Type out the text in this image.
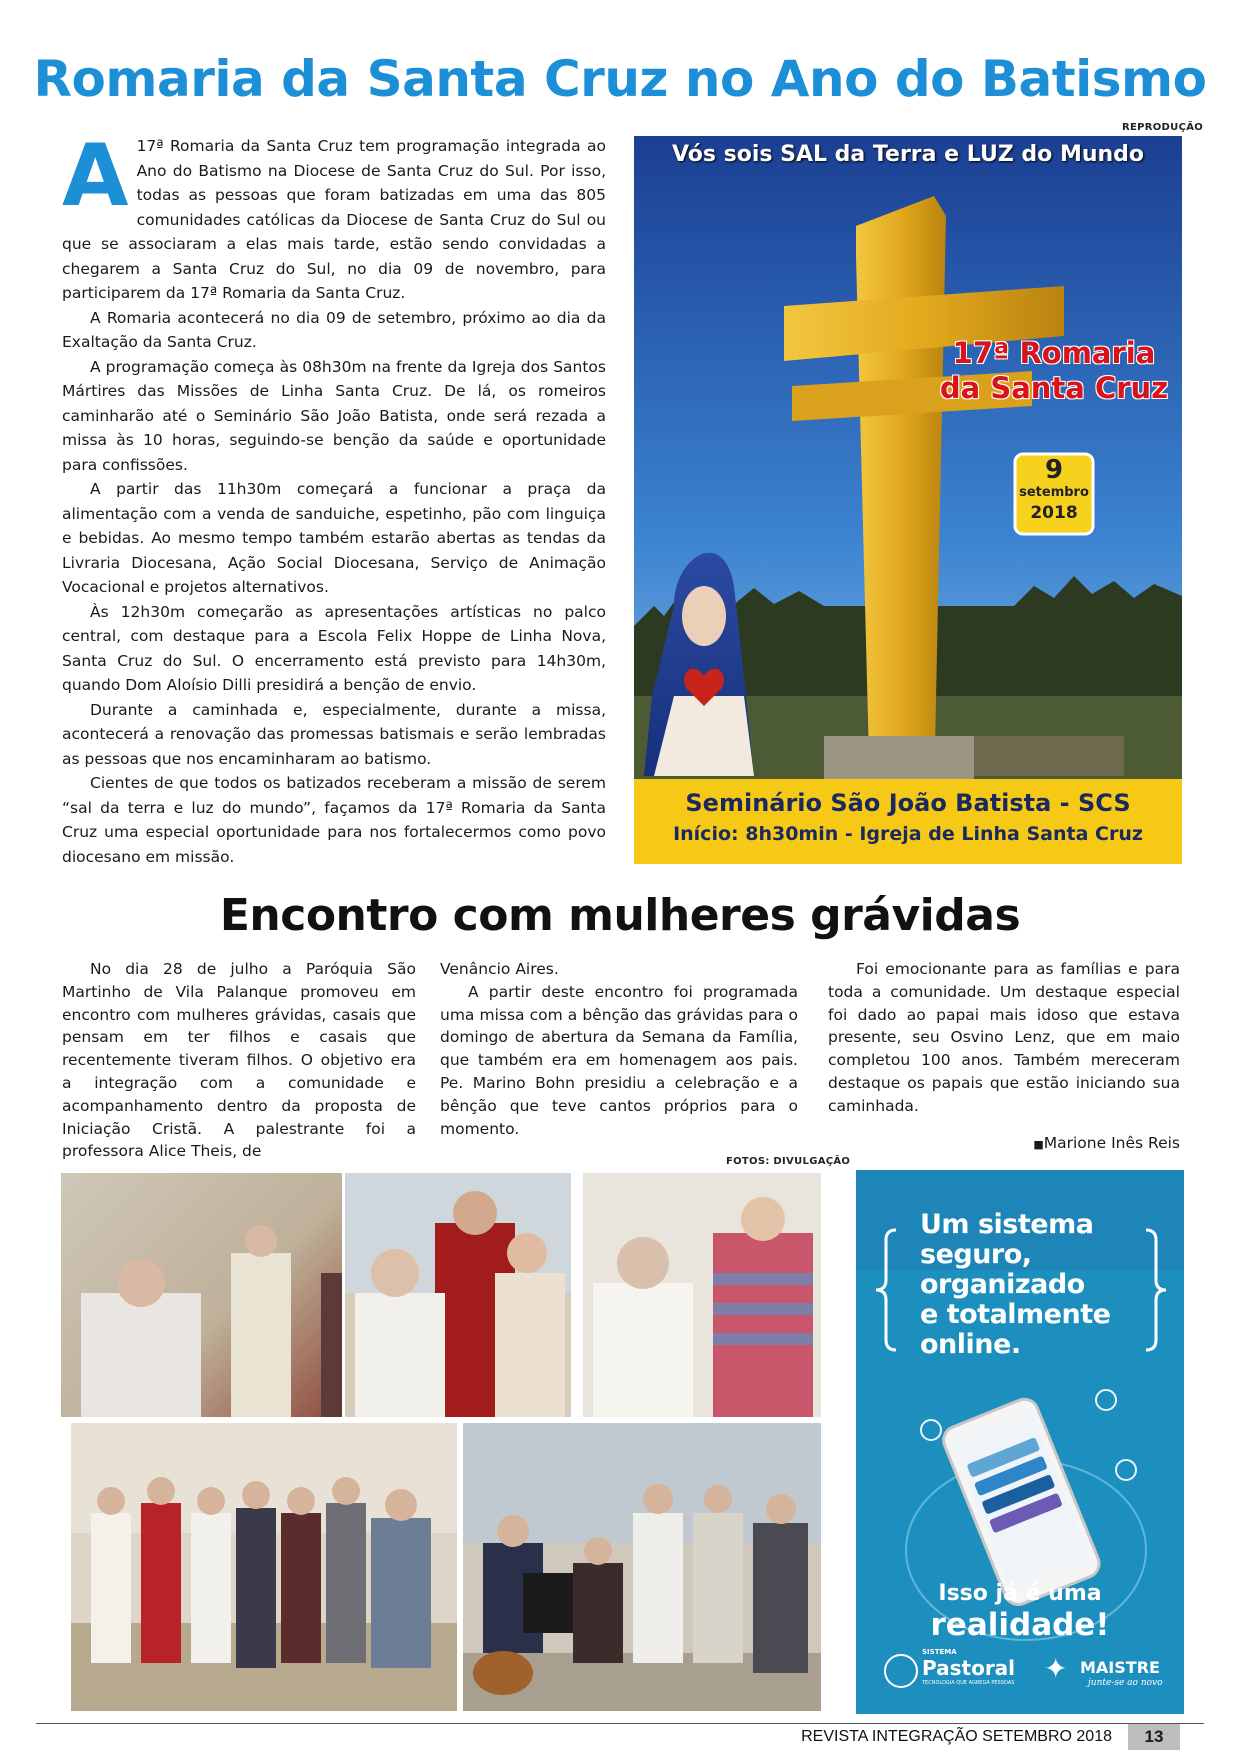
Romaria da Santa Cruz no Ano do Batismo
REPRODUÇÃO

A 17ª Romaria da Santa Cruz tem programação integrada ao Ano do Batismo na Diocese de Santa Cruz do Sul. Por isso, todas as pessoas que foram batizadas em uma das 805 comunidades católicas da Diocese de Santa Cruz do Sul ou que se associaram a elas mais tarde, estão sendo convidadas a chegarem a Santa Cruz do Sul, no dia 09 de novembro, para participarem da 17ª Romaria da Santa Cruz.

A Romaria acontecerá no dia 09 de setembro, próximo ao dia da Exaltação da Santa Cruz.

A programação começa às 08h30m na frente da Igreja dos Santos Mártires das Missões de Linha Santa Cruz. De lá, os romeiros caminharão até o Seminário São João Batista, onde será rezada a missa às 10 horas, seguindo-se benção da saúde e oportunidade para confissões.

A partir das 11h30m começará a funcionar a praça da alimentação com a venda de sanduiche, espetinho, pão com linguiça e bebidas. Ao mesmo tempo também estarão abertas as tendas da Livraria Diocesana, Ação Social Diocesana, Serviço de Animação Vocacional e projetos alternativos.

Às 12h30m começarão as apresentações artísticas no palco central, com destaque para a Escola Felix Hoppe de Linha Nova, Santa Cruz do Sul. O encerramento está previsto para 14h30m, quando Dom Aloísio Dilli presidirá a benção de envio.

Durante a caminhada e, especialmente, durante a missa, acontecerá a renovação das promessas batismais e serão lembradas as pessoas que nos encaminharam ao batismo.

Cientes de que todos os batizados receberam a missão de serem “sal da terra e luz do mundo”, façamos da 17ª Romaria da Santa Cruz uma especial oportunidade para nos fortalecermos como povo diocesano em missão.

Vós sois SAL da Terra e LUZ do Mundo
17ª Romaria
da Santa Cruz
9
setembro
2018
Seminário São João Batista - SCS
Início: 8h30min - Igreja de Linha Santa Cruz
Encontro com mulheres grávidas

No dia 28 de julho a Paróquia São Martinho de Vila Palanque promoveu em encontro com mulheres grávidas, casais que pensam em ter filhos e casais que recentemente tiveram filhos. O objetivo era a integração com a comunidade e acompanhamento dentro da proposta de Iniciação Cristã. A palestrante foi a professora Alice Theis, de

Venâncio Aires.

A partir deste encontro foi programada uma missa com a bênção das grávidas para o domingo de abertura da Semana da Família, que também era em homenagem aos pais. Pe. Marino Bohn presidiu a celebração e a bênção que teve cantos próprios para o momento.

Foi emocionante para as famílias e para toda a comunidade. Um destaque especial foi dado ao papai mais idoso que estava presente, seu Osvino Lenz, que em maio completou 100 anos. Também mereceram destaque os papais que estão iniciando sua caminhada.

■Marione Inês Reis
FOTOS: DIVULGAÇÃO
Um sistema
seguro,
organizado
e totalmente
online.
Isso já é uma
realidade!
SISTEMA
Pastoral
TECNOLOGIA QUE AGREGA PESSOAS ✦ MAISTRE
junte-se ao novo
REVISTA INTEGRAÇÃO SETEMBRO 2018	13
